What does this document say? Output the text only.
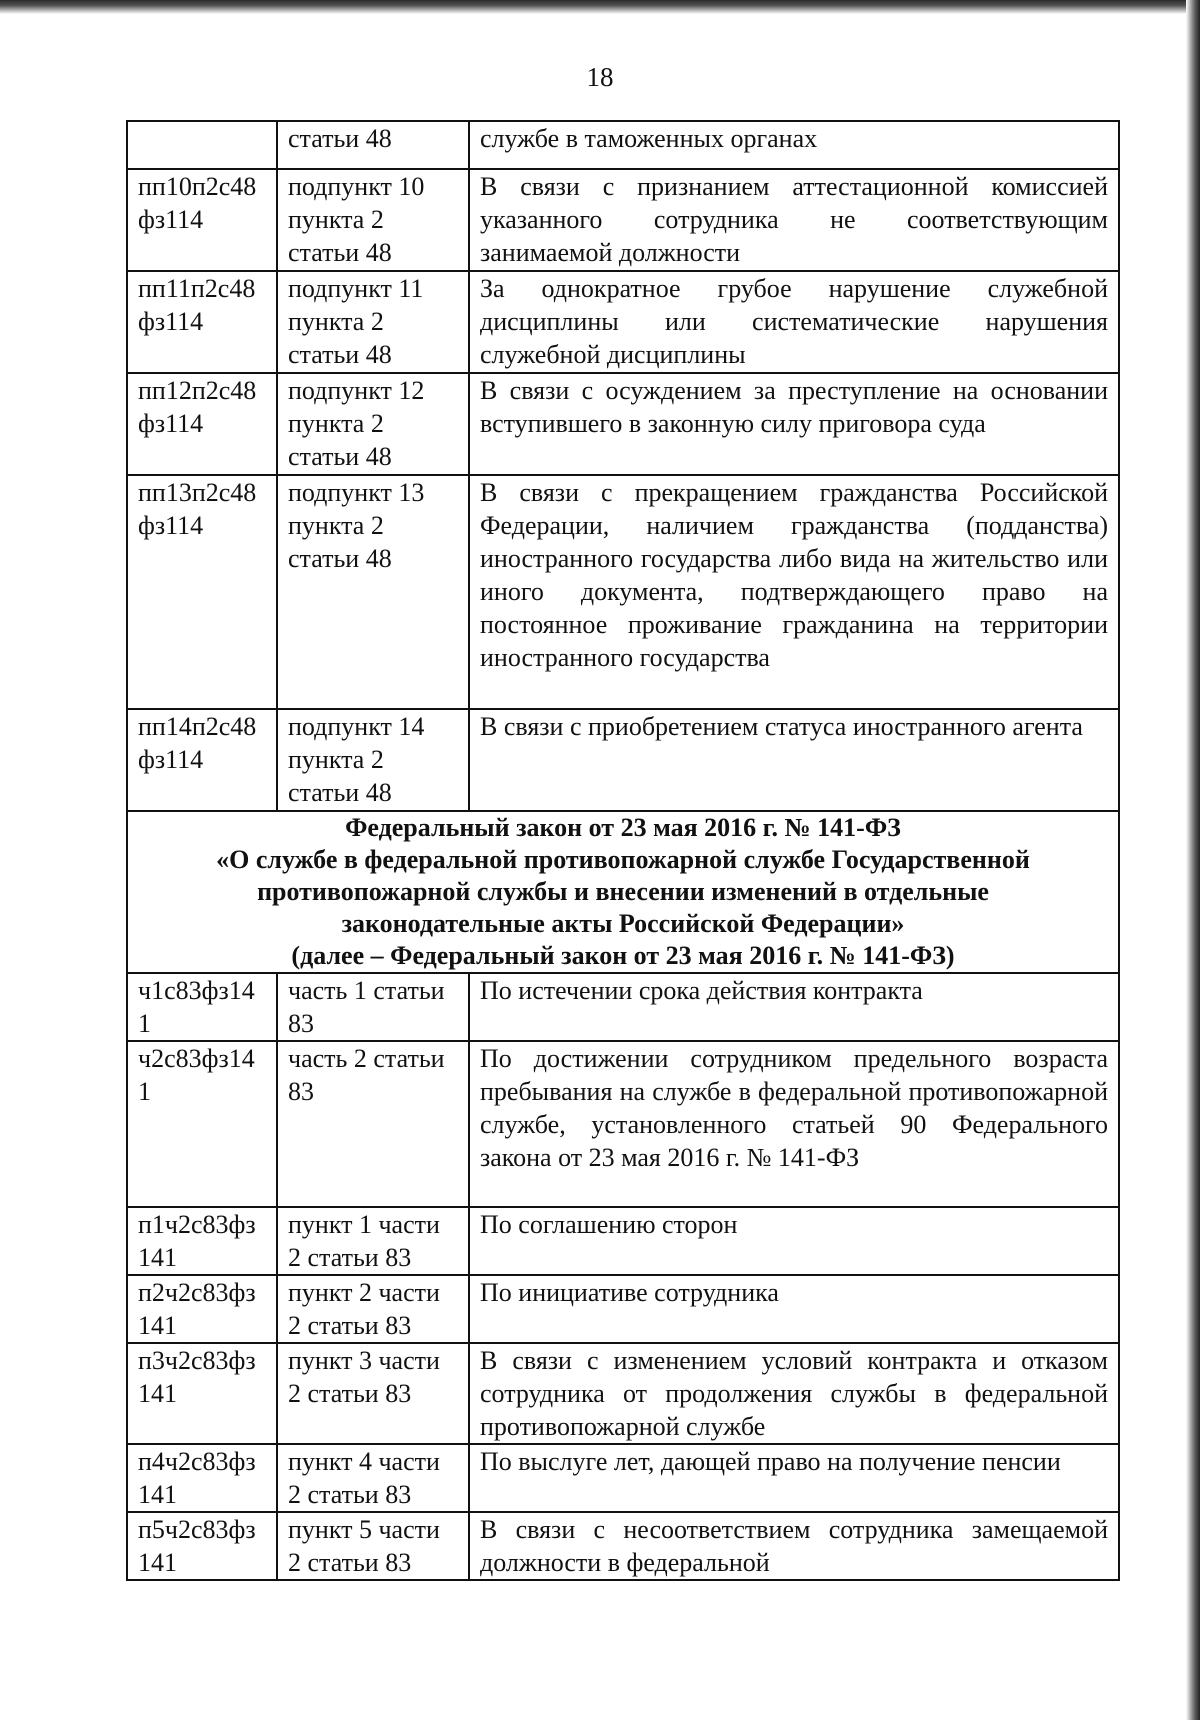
18
	статьи 48	службе в таможенных органах
пп10п2с48 фз114	подпункт 10 пункта 2 статьи 48	В связи с признанием аттестационной комиссией указанного сотрудника не соответствующим занимаемой должности
пп11п2с48 фз114	подпункт 11 пункта 2 статьи 48	За однократное грубое нарушение служебной дисциплины или систематические нарушения служебной дисциплины
пп12п2с48 фз114	подпункт 12 пункта 2 статьи 48	В связи с осуждением за преступление на основании вступившего в законную силу приговора суда
пп13п2с48 фз114	подпункт 13 пункта 2 статьи 48	В связи с прекращением гражданства Российской Федерации, наличием гражданства (подданства) иностранного государства либо вида на жительство или иного документа, подтверждающего право на постоянное проживание гражданина на территории иностранного государства
пп14п2с48 фз114	подпункт 14 пункта 2 статьи 48	В связи с приобретением статуса иностранного агента

Федеральный закон от 23 мая 2016 г. № 141-ФЗ
«О службе в федеральной противопожарной службе Государственной
противопожарной службы и внесении изменений в отдельные
законодательные акты Российской Федерации»
(далее – Федеральный закон от 23 мая 2016 г. № 141-ФЗ)		

ч1с83фз14 1	часть 1 статьи 83	По истечении срока действия контракта
ч2с83фз14 1	часть 2 статьи 83	По достижении сотрудником предельного возраста пребывания на службе в федеральной противопожарной службе, установленного статьей 90 Федерального закона от 23 мая 2016 г. № 141-ФЗ
п1ч2с83фз 141	пункт 1 части 2 статьи 83	По соглашению сторон
п2ч2с83фз 141	пункт 2 части 2 статьи 83	По инициативе сотрудника
п3ч2с83фз 141	пункт 3 части 2 статьи 83	В связи с изменением условий контракта и отказом сотрудника от продолжения службы в федеральной противопожарной службе
п4ч2с83фз 141	пункт 4 части 2 статьи 83	По выслуге лет, дающей право на получение пенсии
п5ч2с83фз 141	пункт 5 части 2 статьи 83	В связи с несоответствием сотрудника замещаемой должности в федеральной
